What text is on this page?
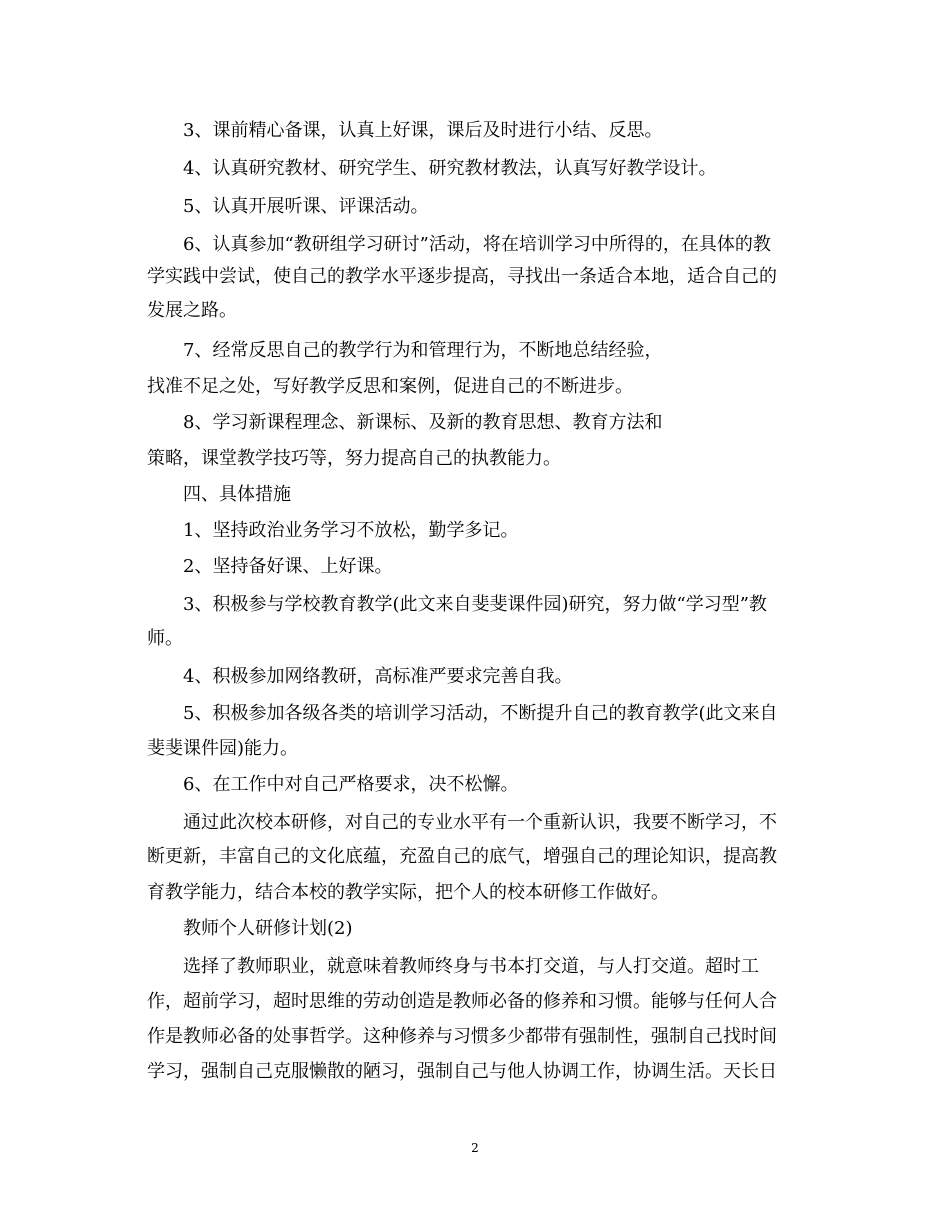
3、课前精心备课，认真上好课，课后及时进行小结、反思。
4、认真研究教材、研究学生、研究教材教法，认真写好教学设计。
5、认真开展听课、评课活动。
6、认真参加“教研组学习研讨”活动，将在培训学习中所得的，在具体的教
学实践中尝试，使自己的教学水平逐步提高，寻找出一条适合本地，适合自己的
发展之路。
7、经常反思自己的教学行为和管理行为，不断地总结经验，
找准不足之处，写好教学反思和案例，促进自己的不断进步。
8、学习新课程理念、新课标、及新的教育思想、教育方法和
策略，课堂教学技巧等，努力提高自己的执教能力。
四、具体措施
1、坚持政治业务学习不放松，勤学多记。
2、坚持备好课、上好课。
3、积极参与学校教育教学(此文来自斐斐课件园)研究，努力做“学习型”教
师。
4、积极参加网络教研，高标准严要求完善自我。
5、积极参加各级各类的培训学习活动，不断提升自己的教育教学(此文来自
斐斐课件园)能力。
6、在工作中对自己严格要求，决不松懈。
通过此次校本研修，对自己的专业水平有一个重新认识，我要不断学习，不
断更新，丰富自己的文化底蕴，充盈自己的底气，增强自己的理论知识，提高教
育教学能力，结合本校的教学实际，把个人的校本研修工作做好。
教师个人研修计划(2)
选择了教师职业，就意味着教师终身与书本打交道，与人打交道。超时工
作，超前学习，超时思维的劳动创造是教师必备的修养和习惯。能够与任何人合
作是教师必备的处事哲学。这种修养与习惯多少都带有强制性，强制自己找时间
学习，强制自己克服懒散的陋习，强制自己与他人协调工作，协调生活。天长日
2
